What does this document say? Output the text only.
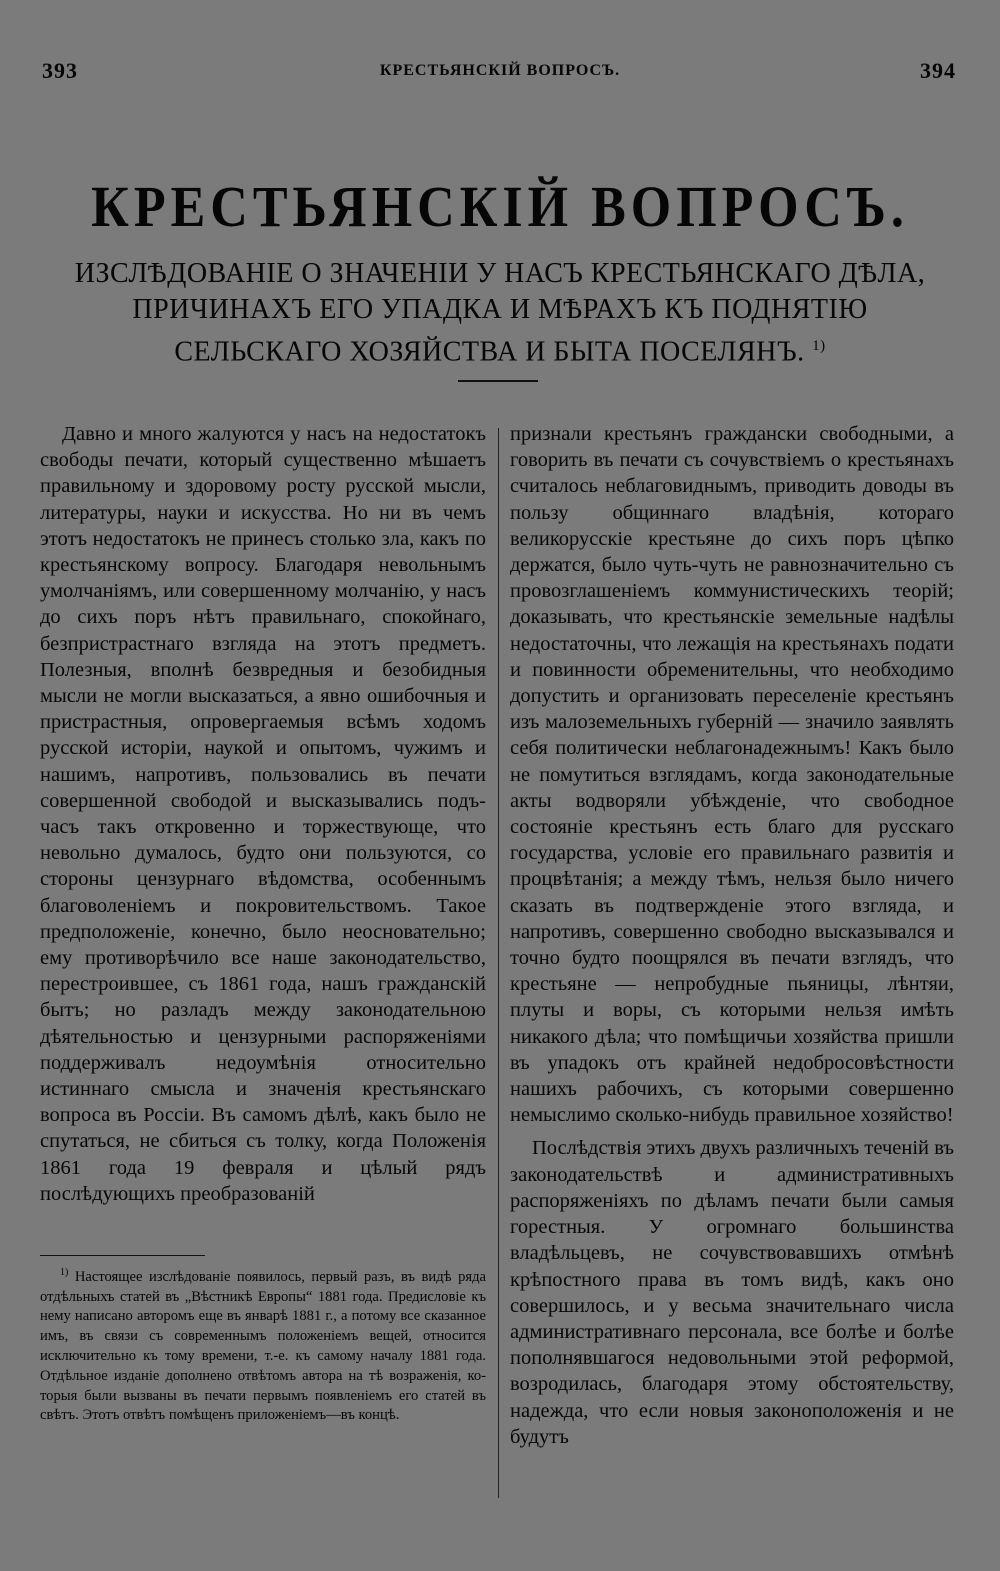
393	КРЕСТЬЯНСКІЙ ВОПРОСЪ.	394
КРЕСТЬЯНСКІЙ ВОПРОСЪ.
ИЗСЛѢДОВАНІЕ О ЗНАЧЕНІИ У НАСЪ КРЕСТЬЯНСКАГО ДѢЛА,
ПРИЧИНАХЪ ЕГО УПАДКА И МѢРАХЪ КЪ ПОДНЯТІЮ
СЕЛЬСКАГО ХОЗЯЙСТВА И БЫТА ПОСЕЛЯНЪ. $^{1)}$

Давно и много жалуются у насъ на недостатокъ свободы печати, который существенно мѣшаетъ правильному и здоровому росту русской мысли, литературы, науки и искусства. Но ни въ чемъ этотъ недостатокъ не принесъ столько зла, какъ по крестьянскому вопросу. Благодаря невольнымъ умолчаніямъ, или совершенному молчанію, у насъ до сихъ поръ нѣтъ правильнаго, спокойнаго, безпристрастнаго взгляда на этотъ предметъ. Полезныя, вполнѣ безвредныя и безобидныя мысли не могли высказаться, а явно ошибочныя и пристрастныя, опровергаемыя всѣмъ ходомъ русской исторіи, наукой и опытомъ, чужимъ и нашимъ, напротивъ, пользовались въ печати совершенной свободой и высказывались подъ-часъ такъ откровенно и торжествующе, что невольно думалось, будто они пользуются, со стороны цензурнаго вѣдомства, особеннымъ благоволеніемъ и покровительствомъ. Такое предположеніе, конечно, было неосновательно; ему противорѣчило все наше законодательство, перестроившее, съ 1861 года, нашъ гражданскій бытъ; но разладъ между законодательною дѣятельностью и цензурными распоряженіями поддерживалъ недоумѣнія относительно истиннаго смысла и значенія крестьянскаго вопроса въ Россіи. Въ самомъ дѣлѣ, какъ было не спутаться, не сбиться съ толку, когда Положенія 1861 года 19 февраля и цѣлый рядъ послѣдующихъ преобразованій

признали крестьянъ граждански свободными, а говорить въ печати съ сочувствіемъ о крестьянахъ считалось неблаговиднымъ, приводить доводы въ пользу общиннаго владѣнія, котораго великорусскіе крестьяне до сихъ поръ цѣпко держатся, было чуть-чуть не равнозначительно съ провозглашеніемъ коммунистическихъ теорій; доказывать, что крестьянскіе земельные надѣлы недостаточны, что лежащія на крестьянахъ подати и повинности обременительны, что необходимо допустить и организовать переселеніе крестьянъ изъ малоземельныхъ губерній — значило заявлять себя политически неблагонадежнымъ! Какъ было не помутиться взглядамъ, когда законодательные акты водворяли убѣжденіе, что свободное состояніе крестьянъ есть благо для русскаго государства, условіе его правильнаго развитія и процвѣтанія; а между тѣмъ, нельзя было ничего сказать въ подтвержденіе этого взгляда, и напротивъ, совершенно свободно высказывался и точно будто поощрялся въ печати взглядъ, что крестьяне — непробудные пьяницы, лѣнтяи, плуты и воры, съ которыми нельзя имѣть никакого дѣла; что помѣщичьи хозяйства пришли въ упадокъ отъ крайней недобросовѣстности нашихъ рабочихъ, съ которыми совершенно немыслимо сколько-нибудь правильное хозяйство!

Послѣдствія этихъ двухъ различныхъ теченій въ законодательствѣ и административныхъ распоряженіяхъ по дѣламъ печати были самыя горестныя. У огромнаго большинства владѣльцевъ, не сочувствовавшихъ отмѣнѣ крѣпостного права въ томъ видѣ, какъ оно совершилось, и у весьма значительнаго числа административнаго персонала, все болѣе и болѣе пополнявшагося недовольными этой реформой, возродилась, благодаря этому обстоятельству, надежда, что если новыя законоположенія и не будутъ

$^{1)}$ Настоящее изслѣдованіе появилось, первый разъ, въ видѣ ряда отдѣльныхъ статей въ „Вѣстникѣ Европы“ 1881 года. Предисловіе къ нему написано авторомъ еще въ январѣ 1881 г., а потому все сказанное имъ, въ связи съ современнымъ положеніемъ вещей, относится исключительно къ тому времени, т.-е. къ самому началу 1881 года. Отдѣльное изданіе дополнено отвѣтомъ автора на тѣ возраженія, которыя были вызваны въ печати первымъ появленіемъ его статей въ свѣтъ. Этотъ отвѣтъ помѣщенъ приложеніемъ—въ концѣ.
